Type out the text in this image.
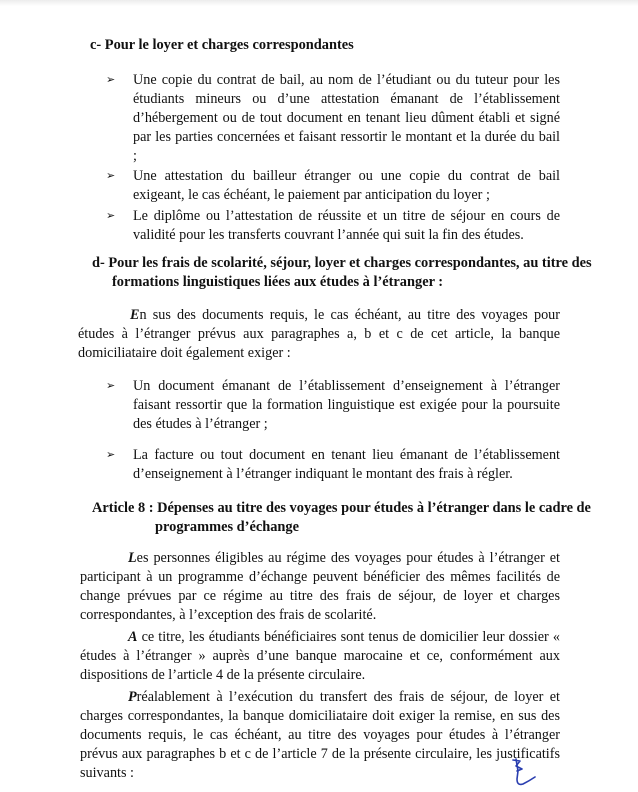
c- Pour le loyer et charges correspondantes

➢ Une copie du contrat de bail, au nom de l’étudiant ou du tuteur pour les étudiants mineurs ou d’une attestation émanant de l’établissement d’hébergement ou de tout document en tenant lieu dûment établi et signé par les parties concernées et faisant ressortir le montant et la durée du bail ;

➢ Une attestation du bailleur étranger ou une copie du contrat de bail exigeant, le cas échéant, le paiement par anticipation du loyer ;

➢ Le diplôme ou l’attestation de réussite et un titre de séjour en cours de validité pour les transferts couvrant l’année qui suit la fin des études.

d- Pour les frais de scolarité, séjour, loyer et charges correspondantes, au titre des

formations linguistiques liées aux études à l’étranger :

En sus des documents requis, le cas échéant, au titre des voyages pour études à l’étranger prévus aux paragraphes a, b et c de cet article, la banque domiciliataire doit également exiger :

➢ Un document émanant de l’établissement d’enseignement à l’étranger faisant ressortir que la formation linguistique est exigée pour la poursuite des études à l’étranger ;

➢ La facture ou tout document en tenant lieu émanant de l’établissement d’enseignement à l’étranger indiquant le montant des frais à régler.

Article 8 : Dépenses au titre des voyages pour études à l’étranger dans le cadre de

programmes d’échange

Les personnes éligibles au régime des voyages pour études à l’étranger et participant à un programme d’échange peuvent bénéficier des mêmes facilités de change prévues par ce régime au titre des frais de séjour, de loyer et charges correspondantes, à l’exception des frais de scolarité.

A ce titre, les étudiants bénéficiaires sont tenus de domicilier leur dossier « études à l’étranger » auprès d’une banque marocaine et ce, conformément aux dispositions de l’article 4 de la présente circulaire.

Préalablement à l’exécution du transfert des frais de séjour, de loyer et charges correspondantes, la banque domiciliataire doit exiger la remise, en sus des documents requis, le cas échéant, au titre des voyages pour études à l’étranger prévus aux paragraphes b et c de l’article 7 de la présente circulaire, les justificatifs suivants :
